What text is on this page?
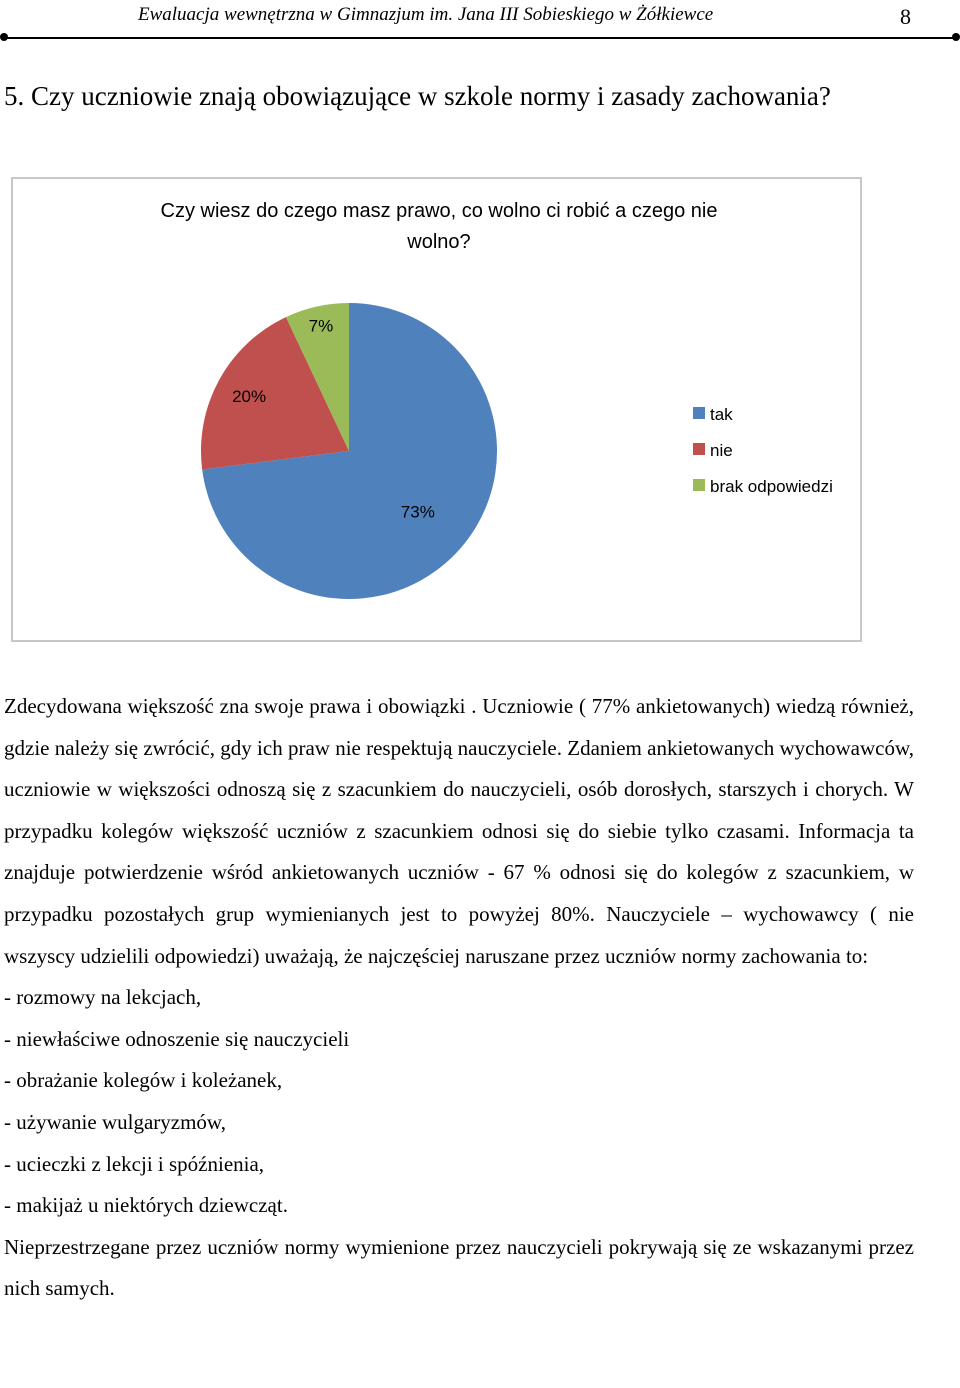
Ewaluacja wewnętrzna w Gimnazjum im. Jana III Sobieskiego w Żółkiewce	8
5. Czy uczniowie znają obowiązujące w szkole normy i zasady zachowania?
Czy wiesz do czego masz prawo, co wolno ci robić a czego nie
wolno?
73%
20%
7%
tak
nie
brak odpowiedzi

Zdecydowana większość zna swoje prawa i obowiązki . Uczniowie ( 77% ankietowanych) wiedzą również, gdzie należy się zwrócić, gdy ich praw nie respektują nauczyciele. Zdaniem ankietowanych wychowawców, uczniowie w większości odnoszą się z szacunkiem do nauczycieli, osób dorosłych, starszych i chorych. W przypadku kolegów większość uczniów z szacunkiem odnosi się do siebie tylko czasami. Informacja ta znajduje potwierdzenie wśród ankietowanych uczniów - 67 % odnosi się do kolegów z szacunkiem, w przypadku pozostałych grup wymienianych jest to powyżej 80%. Nauczyciele – wychowawcy ( nie wszyscy udzielili odpowiedzi) uważają, że najczęściej naruszane przez uczniów normy zachowania to:

- rozmowy na lekcjach,
- niewłaściwe odnoszenie się nauczycieli
- obrażanie kolegów i koleżanek,
- używanie wulgaryzmów,
- ucieczki z lekcji i spóźnienia,
- makijaż u niektórych dziewcząt.

Nieprzestrzegane przez uczniów normy wymienione przez nauczycieli pokrywają się ze wskazanymi przez nich samych.
